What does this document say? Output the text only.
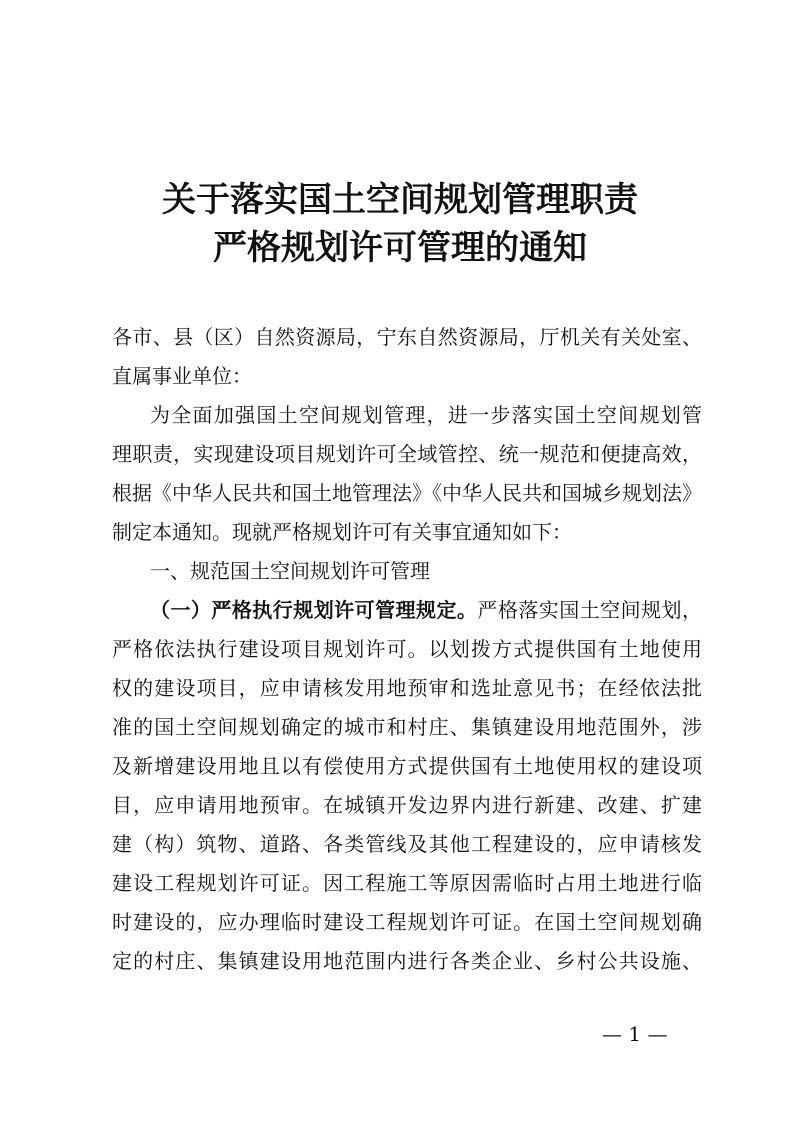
关于落实国土空间规划管理职责
严格规划许可管理的通知
各市、县（区）自然资源局，宁东自然资源局，厅机关有关处室、
直属事业单位：
为全面加强国土空间规划管理，进一步落实国土空间规划管
理职责，实现建设项目规划许可全域管控、统一规范和便捷高效，
根据《中华人民共和国土地管理法》《中华人民共和国城乡规划法》
制定本通知。现就严格规划许可有关事宜通知如下：
一、规范国土空间规划许可管理
（一）严格执行规划许可管理规定。严格落实国土空间规划，
严格依法执行建设项目规划许可。以划拨方式提供国有土地使用
权的建设项目，应申请核发用地预审和选址意见书；在经依法批
准的国土空间规划确定的城市和村庄、集镇建设用地范围外，涉
及新增建设用地且以有偿使用方式提供国有土地使用权的建设项
目，应申请用地预审。在城镇开发边界内进行新建、改建、扩建
建（构）筑物、道路、各类管线及其他工程建设的，应申请核发
建设工程规划许可证。因工程施工等原因需临时占用土地进行临
时建设的，应办理临时建设工程规划许可证。在国土空间规划确
定的村庄、集镇建设用地范围内进行各类企业、乡村公共设施、
— 1 —
